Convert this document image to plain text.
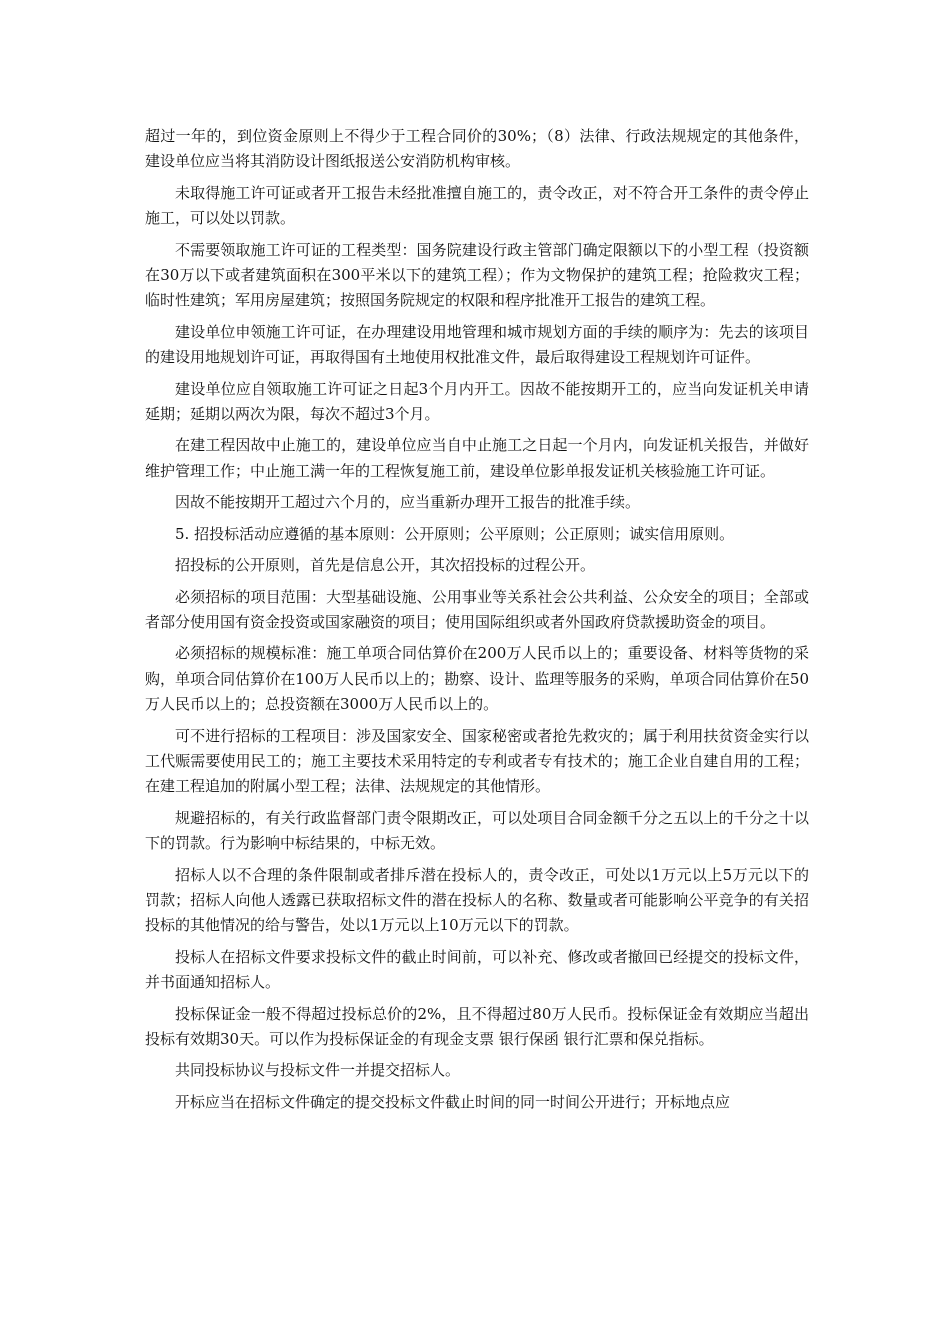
超过一年的，到位资金原则上不得少于工程合同价的30%；（8）法律、行政法规规定的其他条件，建设单位应当将其消防设计图纸报送公安消防机构审核。

未取得施工许可证或者开工报告未经批准擅自施工的，责令改正，对不符合开工条件的责令停止施工，可以处以罚款。

不需要领取施工许可证的工程类型：国务院建设行政主管部门确定限额以下的小型工程（投资额在30万以下或者建筑面积在300平米以下的建筑工程）；作为文物保护的建筑工程；抢险救灾工程；临时性建筑；军用房屋建筑；按照国务院规定的权限和程序批准开工报告的建筑工程。

建设单位申领施工许可证，在办理建设用地管理和城市规划方面的手续的顺序为：先去的该项目的建设用地规划许可证，再取得国有土地使用权批准文件，最后取得建设工程规划许可证件。

建设单位应自领取施工许可证之日起3个月内开工。因故不能按期开工的，应当向发证机关申请延期；延期以两次为限，每次不超过3个月。

在建工程因故中止施工的，建设单位应当自中止施工之日起一个月内，向发证机关报告，并做好维护管理工作；中止施工满一年的工程恢复施工前，建设单位影单报发证机关核验施工许可证。

因故不能按期开工超过六个月的，应当重新办理开工报告的批准手续。

5. 招投标活动应遵循的基本原则：公开原则；公平原则；公正原则；诚实信用原则。

招投标的公开原则，首先是信息公开，其次招投标的过程公开。

必须招标的项目范围：大型基础设施、公用事业等关系社会公共利益、公众安全的项目；全部或者部分使用国有资金投资或国家融资的项目；使用国际组织或者外国政府贷款援助资金的项目。

必须招标的规模标准：施工单项合同估算价在200万人民币以上的；重要设备、材料等货物的采购，单项合同估算价在100万人民币以上的；勘察、设计、监理等服务的采购，单项合同估算价在50万人民币以上的；总投资额在3000万人民币以上的。

可不进行招标的工程项目：涉及国家安全、国家秘密或者抢先救灾的；属于利用扶贫资金实行以工代赈需要使用民工的；施工主要技术采用特定的专利或者专有技术的；施工企业自建自用的工程；在建工程追加的附属小型工程；法律、法规规定的其他情形。

规避招标的，有关行政监督部门责令限期改正，可以处项目合同金额千分之五以上的千分之十以下的罚款。行为影响中标结果的，中标无效。

招标人以不合理的条件限制或者排斥潜在投标人的，责令改正，可处以1万元以上5万元以下的罚款；招标人向他人透露已获取招标文件的潜在投标人的名称、数量或者可能影响公平竞争的有关招投标的其他情况的给与警告，处以1万元以上10万元以下的罚款。

投标人在招标文件要求投标文件的截止时间前，可以补充、修改或者撤回已经提交的投标文件，并书面通知招标人。

投标保证金一般不得超过投标总价的2%，且不得超过80万人民币。投标保证金有效期应当超出投标有效期30天。可以作为投标保证金的有现金支票 银行保函 银行汇票和保兑指标。

共同投标协议与投标文件一并提交招标人。

开标应当在招标文件确定的提交投标文件截止时间的同一时间公开进行；开标地点应
